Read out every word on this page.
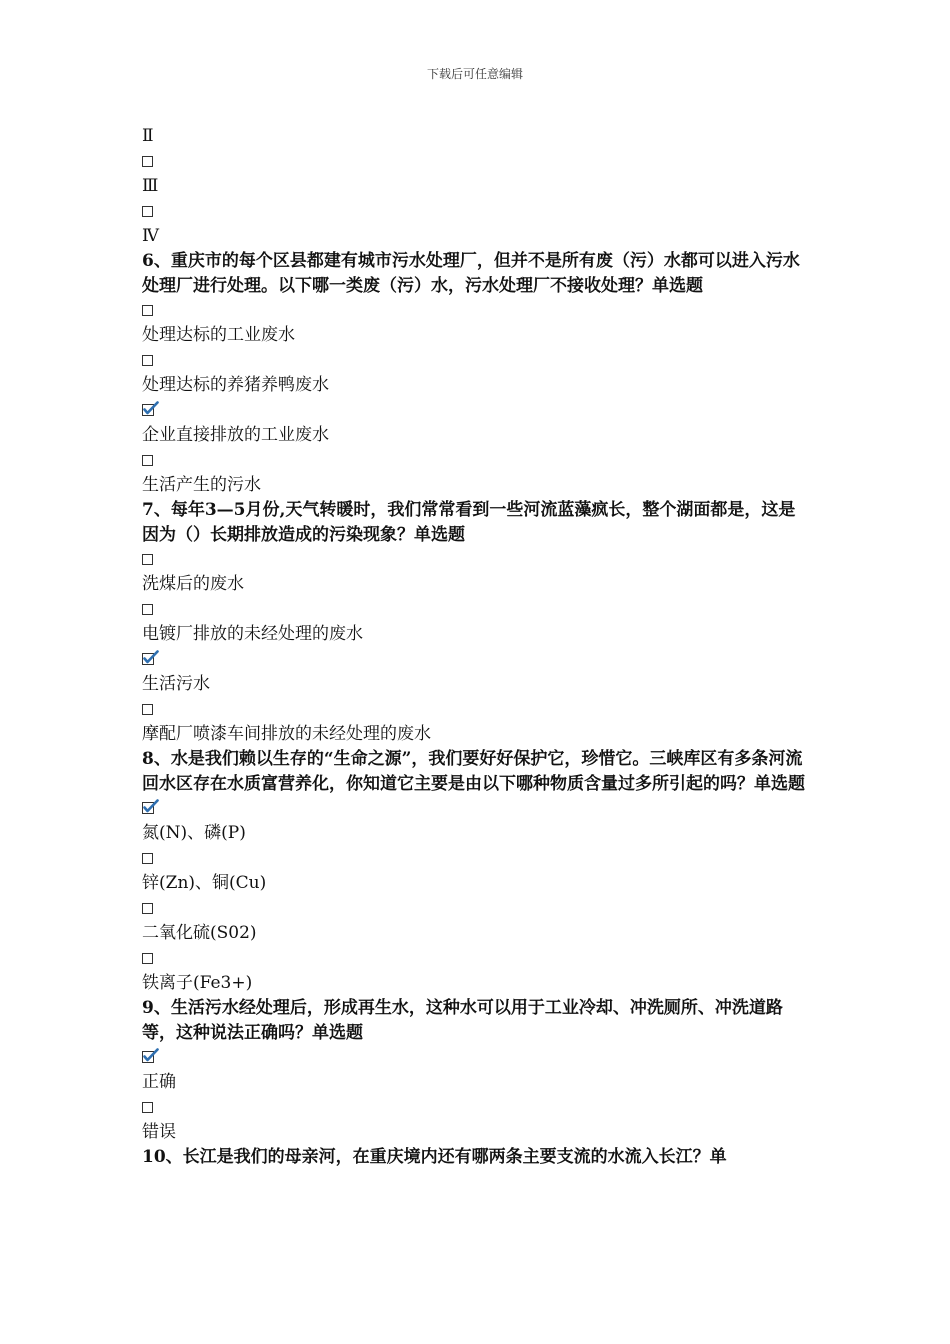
下载后可任意编辑
Ⅱ
Ⅲ
Ⅳ
6、重庆市的每个区县都建有城市污水处理厂，但并不是所有废（污）水都可以进入污水处理厂进行处理。以下哪一类废（污）水，污水处理厂不接收处理？单选题
处理达标的工业废水
处理达标的养猪养鸭废水
企业直接排放的工业废水
生活产生的污水
7、每年3—5月份,天气转暖时，我们常常看到一些河流蓝藻疯长，整个湖面都是，这是因为（）长期排放造成的污染现象？单选题
洗煤后的废水
电镀厂排放的未经处理的废水
生活污水
摩配厂喷漆车间排放的未经处理的废水
8、水是我们赖以生存的“生命之源”，我们要好好保护它，珍惜它。三峡库区有多条河流回水区存在水质富营养化，你知道它主要是由以下哪种物质含量过多所引起的吗？单选题
氮(N)、磷(P)
锌(Zn)、铜(Cu)
二氧化硫(S02)
铁离子(Fe3+)
9、生活污水经处理后，形成再生水，这种水可以用于工业冷却、冲洗厕所、冲洗道路等，这种说法正确吗？单选题
正确
错误
10、长江是我们的母亲河，在重庆境内还有哪两条主要支流的水流入长江？单
